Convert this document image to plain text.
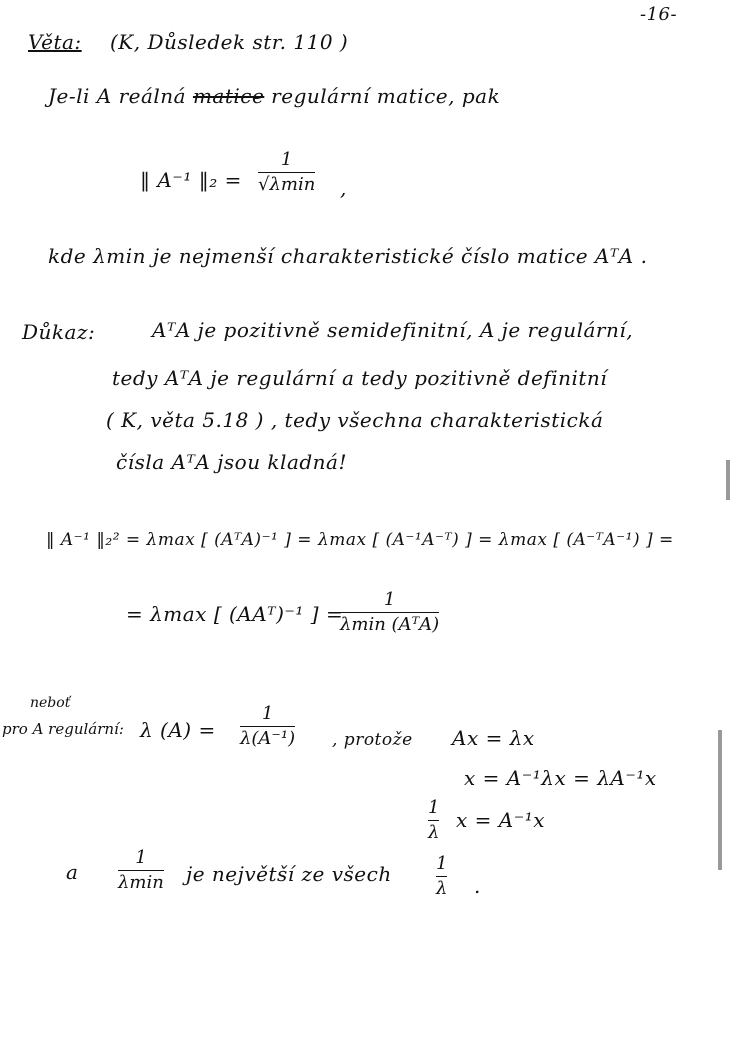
-16-
Věta: (K, Důsledek str. 110 )
Je-li A reálná matice regulární matice, pak
‖ A⁻¹ ‖₂ =
1
√λmin ,
kde λmin je nejmenší charakteristické číslo matice AᵀA .
Důkaz:	AᵀA je pozitivně semidefinitní, A je regulární,
tedy AᵀA je regulární a tedy pozitivně definitní
( K, věta 5.18 ) , tedy všechna charakteristická
čísla AᵀA jsou kladná!
‖ A⁻¹ ‖₂² = λmax [ (AᵀA)⁻¹ ] = λmax [ (A⁻¹A⁻ᵀ) ] = λmax [ (A⁻ᵀA⁻¹) ] =
= λmax [ (AAᵀ)⁻¹ ] =
1
λmin (AᵀA)
neboť
pro A regulární: λ (A) =
1
λ(A⁻¹) , protože Ax = λx
x = A⁻¹λx = λA⁻¹x
1
λ
x = A⁻¹x
a
1
λmin je největší ze všech 1
λ .
